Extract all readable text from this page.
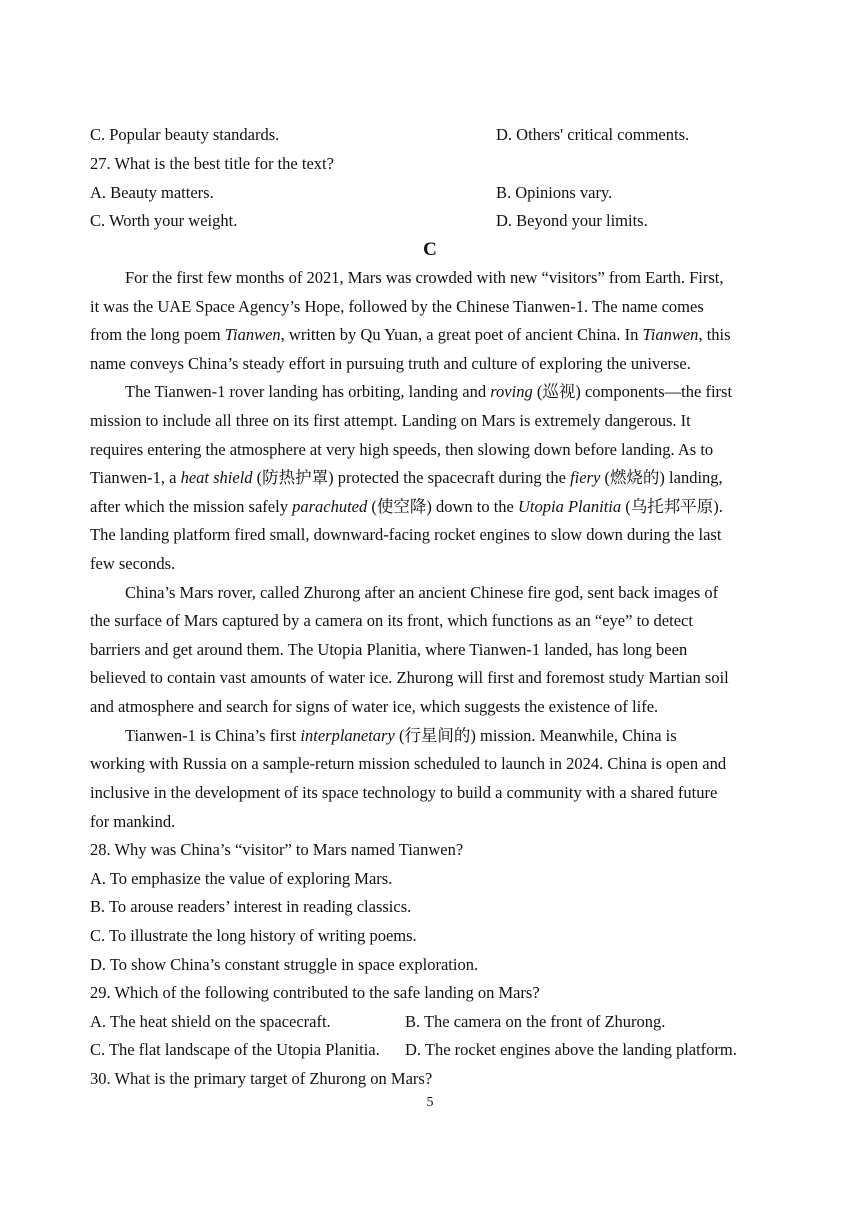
C. Popular beauty standards.	D. Others' critical comments.
27. What is the best title for the text?
A. Beauty matters.	B. Opinions vary.
C. Worth your weight.	D. Beyond your limits.
C
For the first few months of 2021, Mars was crowded with new “visitors” from Earth. First,
it was the UAE Space Agency’s Hope, followed by the Chinese Tianwen-1. The name comes
from the long poem Tianwen, written by Qu Yuan, a great poet of ancient China. In Tianwen, this
name conveys China’s steady effort in pursuing truth and culture of exploring the universe.
The Tianwen-1 rover landing has orbiting, landing and roving (巡视) components—the first
mission to include all three on its first attempt. Landing on Mars is extremely dangerous. It
requires entering the atmosphere at very high speeds, then slowing down before landing. As to
Tianwen-1, a heat shield (防热护罩) protected the spacecraft during the fiery (燃烧的) landing,
after which the mission safely parachuted (使空降) down to the Utopia Planitia (乌托邦平原).
The landing platform fired small, downward-facing rocket engines to slow down during the last
few seconds.
China’s Mars rover, called Zhurong after an ancient Chinese fire god, sent back images of
the surface of Mars captured by a camera on its front, which functions as an “eye” to detect
barriers and get around them. The Utopia Planitia, where Tianwen-1 landed, has long been
believed to contain vast amounts of water ice. Zhurong will first and foremost study Martian soil
and atmosphere and search for signs of water ice, which suggests the existence of life.
Tianwen-1 is China’s first interplanetary (行星间的) mission. Meanwhile, China is
working with Russia on a sample-return mission scheduled to launch in 2024. China is open and
inclusive in the development of its space technology to build a community with a shared future
for mankind.
28. Why was China’s “visitor” to Mars named Tianwen?
A. To emphasize the value of exploring Mars.
B. To arouse readers’ interest in reading classics.
C. To illustrate the long history of writing poems.
D. To show China’s constant struggle in space exploration.
29. Which of the following contributed to the safe landing on Mars?
A. The heat shield on the spacecraft.	B. The camera on the front of Zhurong.
C. The flat landscape of the Utopia Planitia.	D. The rocket engines above the landing platform.
30. What is the primary target of Zhurong on Mars?
5
